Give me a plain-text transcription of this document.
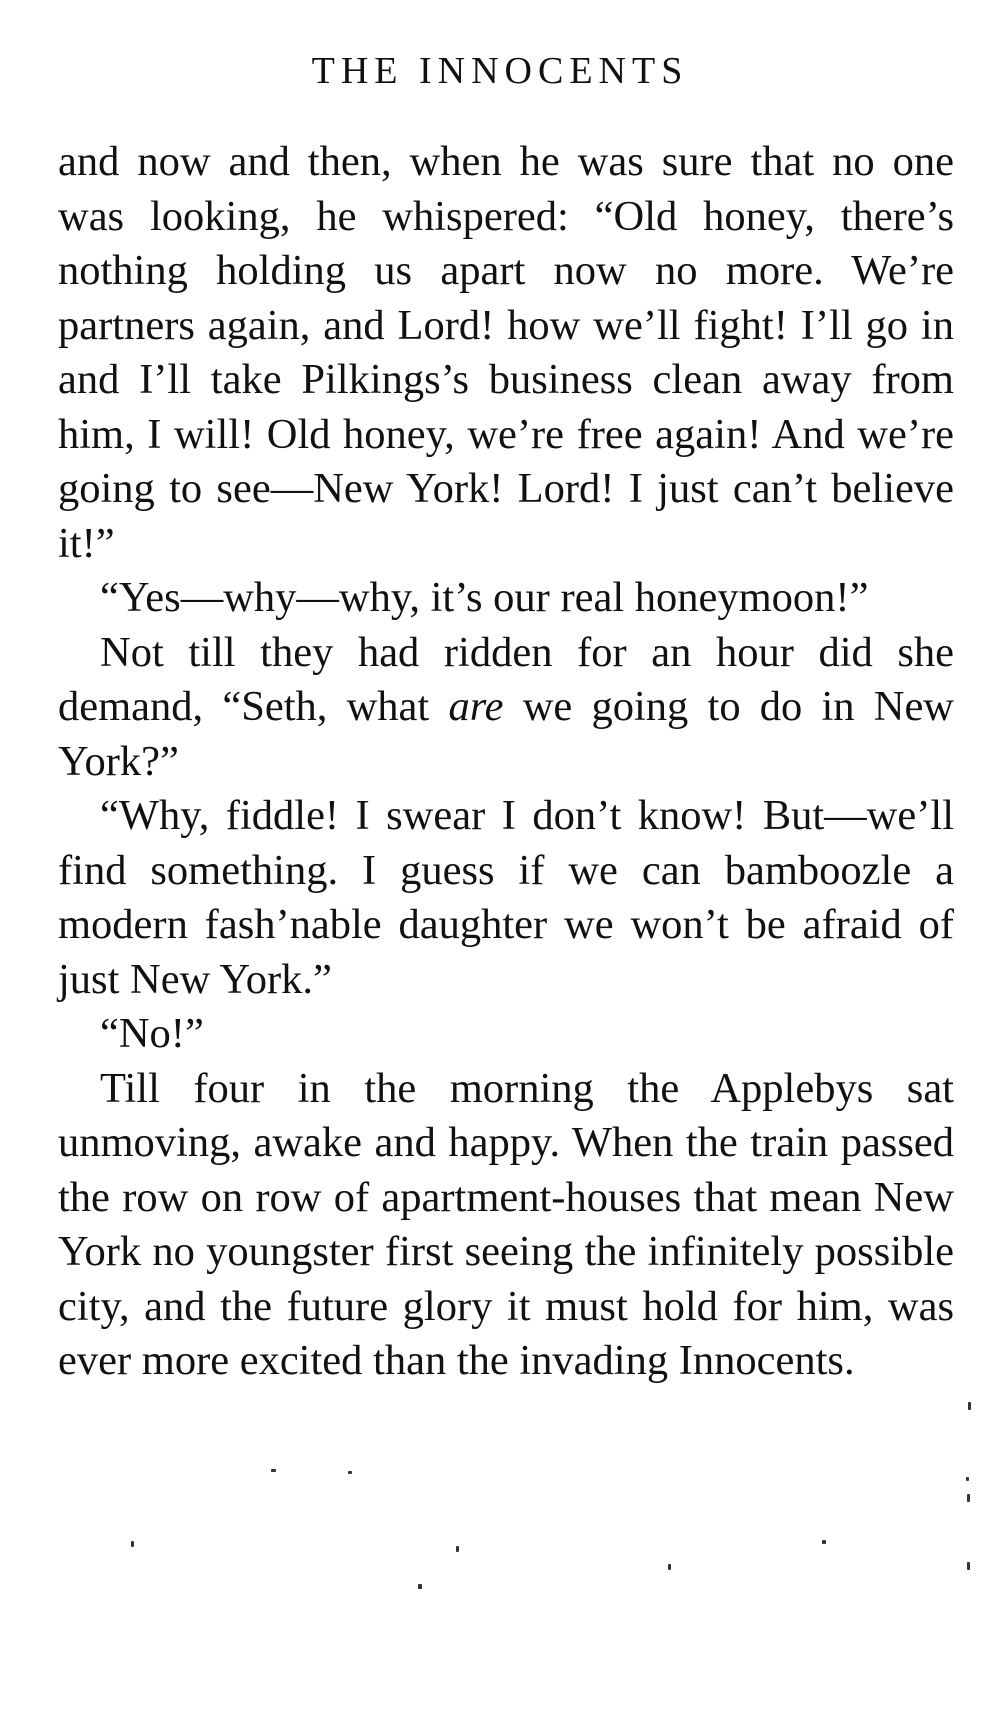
THE INNOCENTS

and now and then, when he was sure that no one was looking, he whispered: “Old honey, there’s nothing holding us apart now no more. We’re partners again, and Lord! how we’ll fight! I’ll go in and I’ll take Pilkings’s business clean away from him, I will! Old honey, we’re free again! And we’re going to see—New York! Lord! I just can’t believe it!”

“Yes—why—why, it’s our real honeymoon!”

Not till they had ridden for an hour did she demand, “Seth, what are we going to do in New York?”

“Why, fiddle! I swear I don’t know! But—we’ll find something. I guess if we can bamboozle a modern fash’nable daughter we won’t be afraid of just New York.”

“No!”

Till four in the morning the Applebys sat unmoving, awake and happy. When the train passed the row on row of apartment-houses that mean New York no youngster first seeing the infinitely possible city, and the future glory it must hold for him, was ever more excited than the invading Innocents.
